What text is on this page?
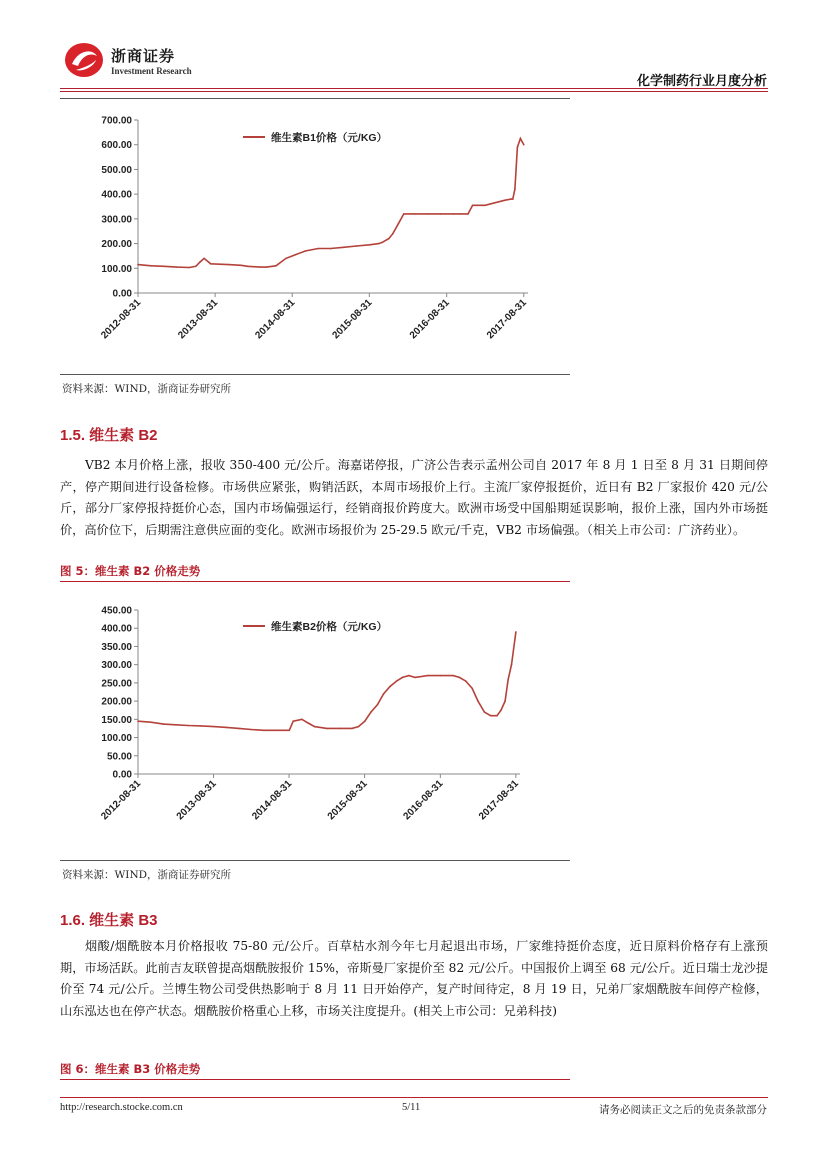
浙商证券
Investment Research
化学制药行业月度分析
0.00
100.00
200.00
300.00
400.00
500.00
600.00
700.00
2012-08-31	2013-08-31	2014-08-31	2015-08-31	2016-08-31	2017-08-31
维生素B1价格（元/KG）
资料来源：WIND，浙商证券研究所
1.5. 维生素 B2
VB2 本月价格上涨，报收 350-400 元/公斤。海嘉诺停报，广济公告表示孟州公司自 2017 年 8 月 1 日至 8 月 31 日期间停产，停产期间进行设备检修。市场供应紧张，购销活跃，本周市场报价上行。主流厂家停报挺价，近日有 B2 厂家报价 420 元/公斤，部分厂家停报持挺价心态，国内市场偏强运行，经销商报价跨度大。欧洲市场受中国船期延误影响，报价上涨，国内外市场挺价，高价位下，后期需注意供应面的变化。欧洲市场报价为 25-29.5 欧元/千克，VB2 市场偏强。（相关上市公司：广济药业）。
图 5：维生素 B2 价格走势
0.00
50.00
100.00
150.00
200.00
250.00
300.00
350.00
400.00
450.00
2012-08-31	2013-08-31	2014-08-31	2015-08-31	2016-08-31	2017-08-31
维生素B2价格（元/KG）
资料来源：WIND，浙商证券研究所
1.6. 维生素 B3
烟酸/烟酰胺本月价格报收 75-80 元/公斤。百草枯水剂今年七月起退出市场，厂家维持挺价态度，近日原料价格存有上涨预期，市场活跃。此前吉友联曾提高烟酰胺报价 15%，帝斯曼厂家提价至 82 元/公斤。中国报价上调至 68 元/公斤。近日瑞士龙沙提价至 74 元/公斤。兰博生物公司受供热影响于 8 月 11 日开始停产，复产时间待定，8 月 19 日，兄弟厂家烟酰胺车间停产检修，山东泓达也在停产状态。烟酰胺价格重心上移，市场关注度提升。(相关上市公司：兄弟科技)
图 6：维生素 B3 价格走势
http://research.stocke.com.cn	5/11	请务必阅读正文之后的免责条款部分
